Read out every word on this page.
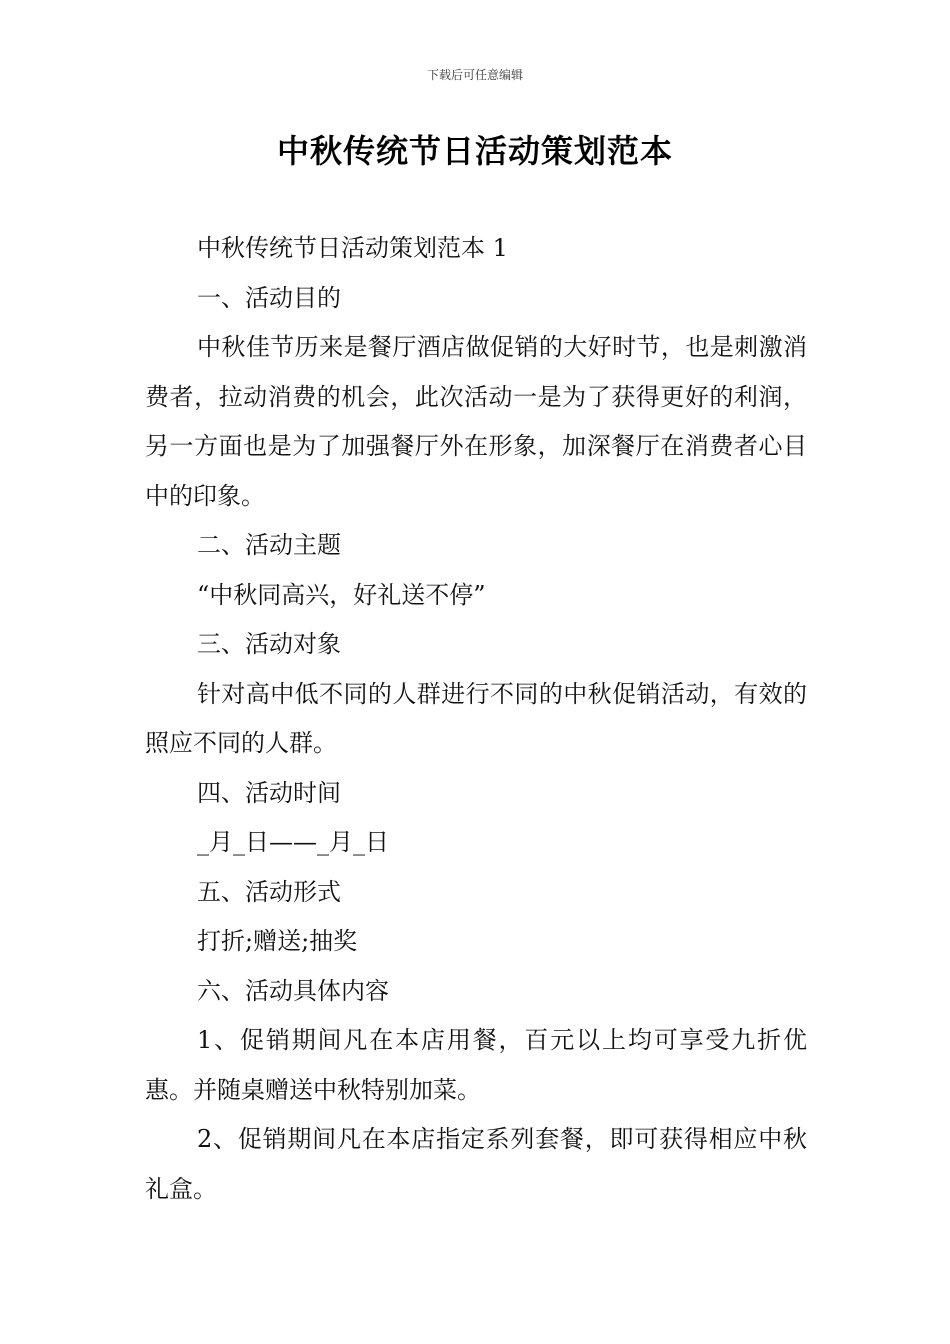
下载后可任意编辑
中秋传统节日活动策划范本

中秋传统节日活动策划范本 1

一、活动目的

中秋佳节历来是餐厅酒店做促销的大好时节，也是刺激消费者，拉动消费的机会，此次活动一是为了获得更好的利润，另一方面也是为了加强餐厅外在形象，加深餐厅在消费者心目中的印象。

二、活动主题

“中秋同高兴，好礼送不停”

三、活动对象

针对高中低不同的人群进行不同的中秋促销活动，有效的照应不同的人群。

四、活动时间

_月_日——_月_日

五、活动形式

打折;赠送;抽奖

六、活动具体内容

1、促销期间凡在本店用餐，百元以上均可享受九折优惠。并随桌赠送中秋特别加菜。

2、促销期间凡在本店指定系列套餐，即可获得相应中秋礼盒。
